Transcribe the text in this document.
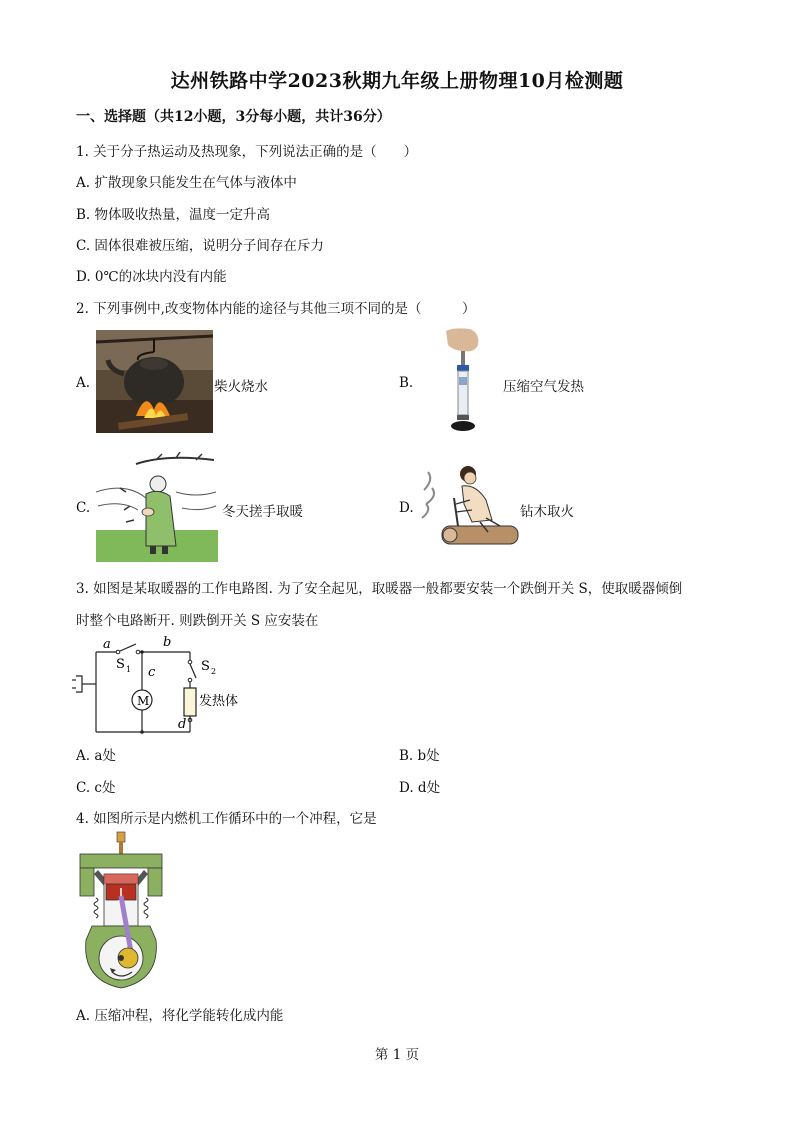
达州铁路中学2023秋期九年级上册物理10月检测题
一、选择题（共12小题，3分每小题，共计36分）
1. 关于分子热运动及热现象，下列说法正确的是（　　）
A. 扩散现象只能发生在气体与液体中
B. 物体吸收热量，温度一定升高
C. 固体很难被压缩，说明分子间存在斥力
D. 0℃的冰块内没有内能
2. 下列事例中,改变物体内能的途径与其他三项不同的是（　　　）
A.	柴火烧水	B.	压缩空气发热
C.	冬天搓手取暖	D.	钻木取火
3. 如图是某取暖器的工作电路图. 为了安全起见，取暖器一般都要安装一个跌倒开关 S，使取暖器倾倒
时整个电路断开. 则跌倒开关 S 应安装在
a	b
c
d
S 1	S 2
M	发热体
A. a处	B. b处
C. c处	D. d处
4. 如图所示是内燃机工作循环中的一个冲程，它是
A. 压缩冲程，将化学能转化成内能
第 1 页
